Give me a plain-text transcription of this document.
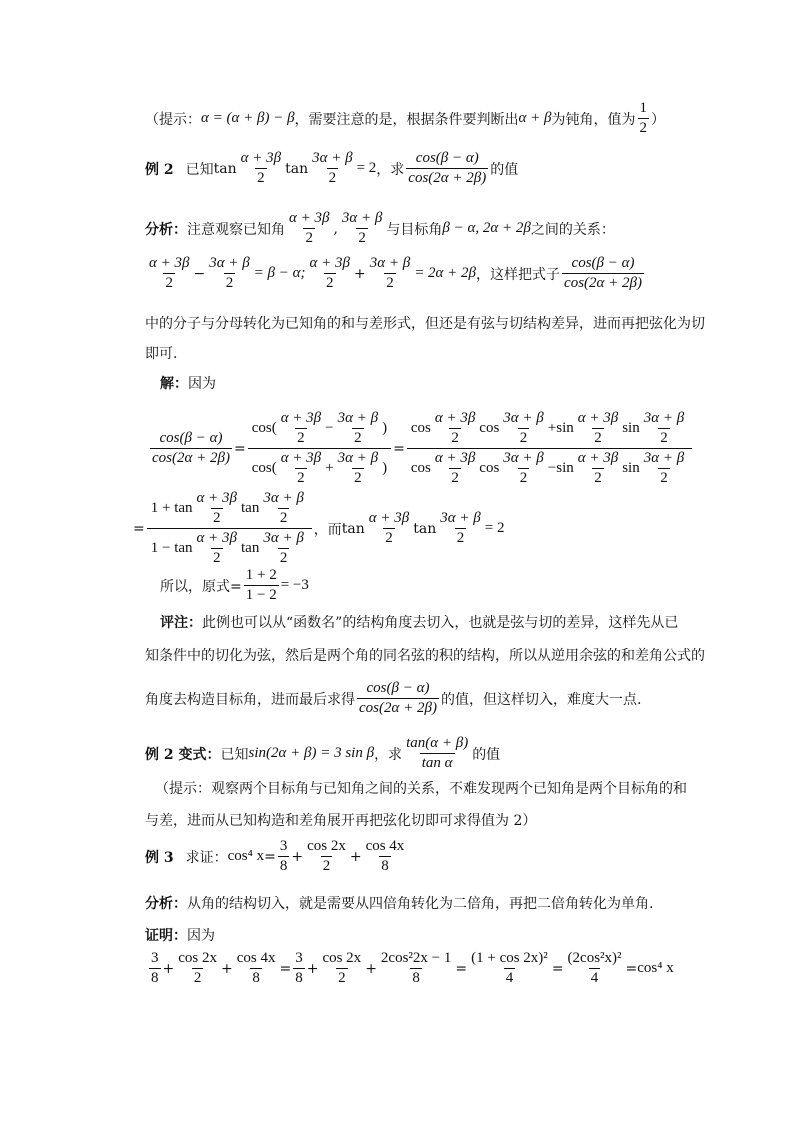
（提示： α = (α + β) − β ，需要注意的是，根据条件要判断出 α + β 为钝角，值为 $\frac{1}{2}$ ）
例 2 已知 $\tan \frac{\alpha + 3\beta}{2}$ $\tan \frac{3\alpha + \beta}{2} = 2$ ，求 $\frac{\cos(\beta - \alpha)}{\cos(2\alpha + 2\beta)}$ 的值
分析： 注意观察已知角 $\frac{\alpha + 3\beta}{2}$ , $\frac{3\alpha + \beta}{2}$ 与目标角 β − α, 2α + 2β 之间的关系：
$\frac{\alpha + 3\beta}{2} - \frac{3\alpha + \beta}{2} = \beta - \alpha$; $\frac{\alpha + 3\beta}{2} + \frac{3\alpha + \beta}{2} = 2\alpha + 2\beta$ ，这样把式子 $\frac{\cos(\beta - \alpha)}{\cos(2\alpha + 2\beta)}$
中的分子与分母转化为已知角的和与差形式，但还是有弦与切结构差异，进而再把弦化为切
即可.
解： 因为
$\frac{\cos(\beta - \alpha)}{\cos(2\alpha + 2\beta)} = \frac{\cos ( \frac{\alpha + 3\beta}{2} - \frac{3\alpha + \beta}{2} )}{\cos ( \frac{\alpha + 3\beta}{2} + \frac{3\alpha + \beta}{2} )} = \frac{\cos \frac{\alpha + 3\beta}{2} \cos \frac{3\alpha + \beta}{2} + \sin \frac{\alpha + 3\beta}{2} \sin \frac{3\alpha + \beta}{2}}{\cos \frac{\alpha + 3\beta}{2} \cos \frac{3\alpha + \beta}{2} - \sin \frac{\alpha + 3\beta}{2} \sin \frac{3\alpha + \beta}{2}}$
= $\frac{1 + \tan \frac{\alpha + 3\beta}{2} \tan \frac{3\alpha + \beta}{2}}{1 - \tan \frac{\alpha + 3\beta}{2} \tan \frac{3\alpha + \beta}{2}}$ ，而 $\tan \frac{\alpha + 3\beta}{2}$ $\tan \frac{3\alpha + \beta}{2} = 2$
所以，原式= $\frac{1 + 2}{1 - 2} = -3$
评注： 此例也可以从“函数名”的结构角度去切入，也就是弦与切的差异，这样先从已
知条件中的切化为弦，然后是两个角的同名弦的积的结构，所以从逆用余弦的和差角公式的
角度去构造目标角，进而最后求得 $\frac{\cos(\beta - \alpha)}{\cos(2\alpha + 2\beta)}$ 的值，但这样切入，难度大一点.
例 2 变式： 已知 sin(2α + β) = 3 sin β ，求 $\frac{\tan(\alpha + \beta)}{\text{tan α}}$ 的值
（提示：观察两个目标角与已知角之间的关系，不难发现两个已知角是两个目标角的和
与差，进而从已知构造和差角展开再把弦化切即可求得值为 2）
例 3 求证： cos⁴ $x = \frac{3}{8} + \frac{\cos 2x}{2} + \frac{\cos 4x}{8}$
分析： 从角的结构切入，就是需要从四倍角转化为二倍角，再把二倍角转化为单角.
证明： 因为
$\frac{3}{8} + \frac{\cos 2x}{2} + \frac{\cos 4x}{8} = \frac{3}{8} + \frac{\cos 2x}{2} + \frac{\text{2cos²2x − 1}}{8} = \frac{\text{(1 + cos 2x)²}}{4} = \frac{\text{(2cos²x)²}}{4} = \cos^4$ x
